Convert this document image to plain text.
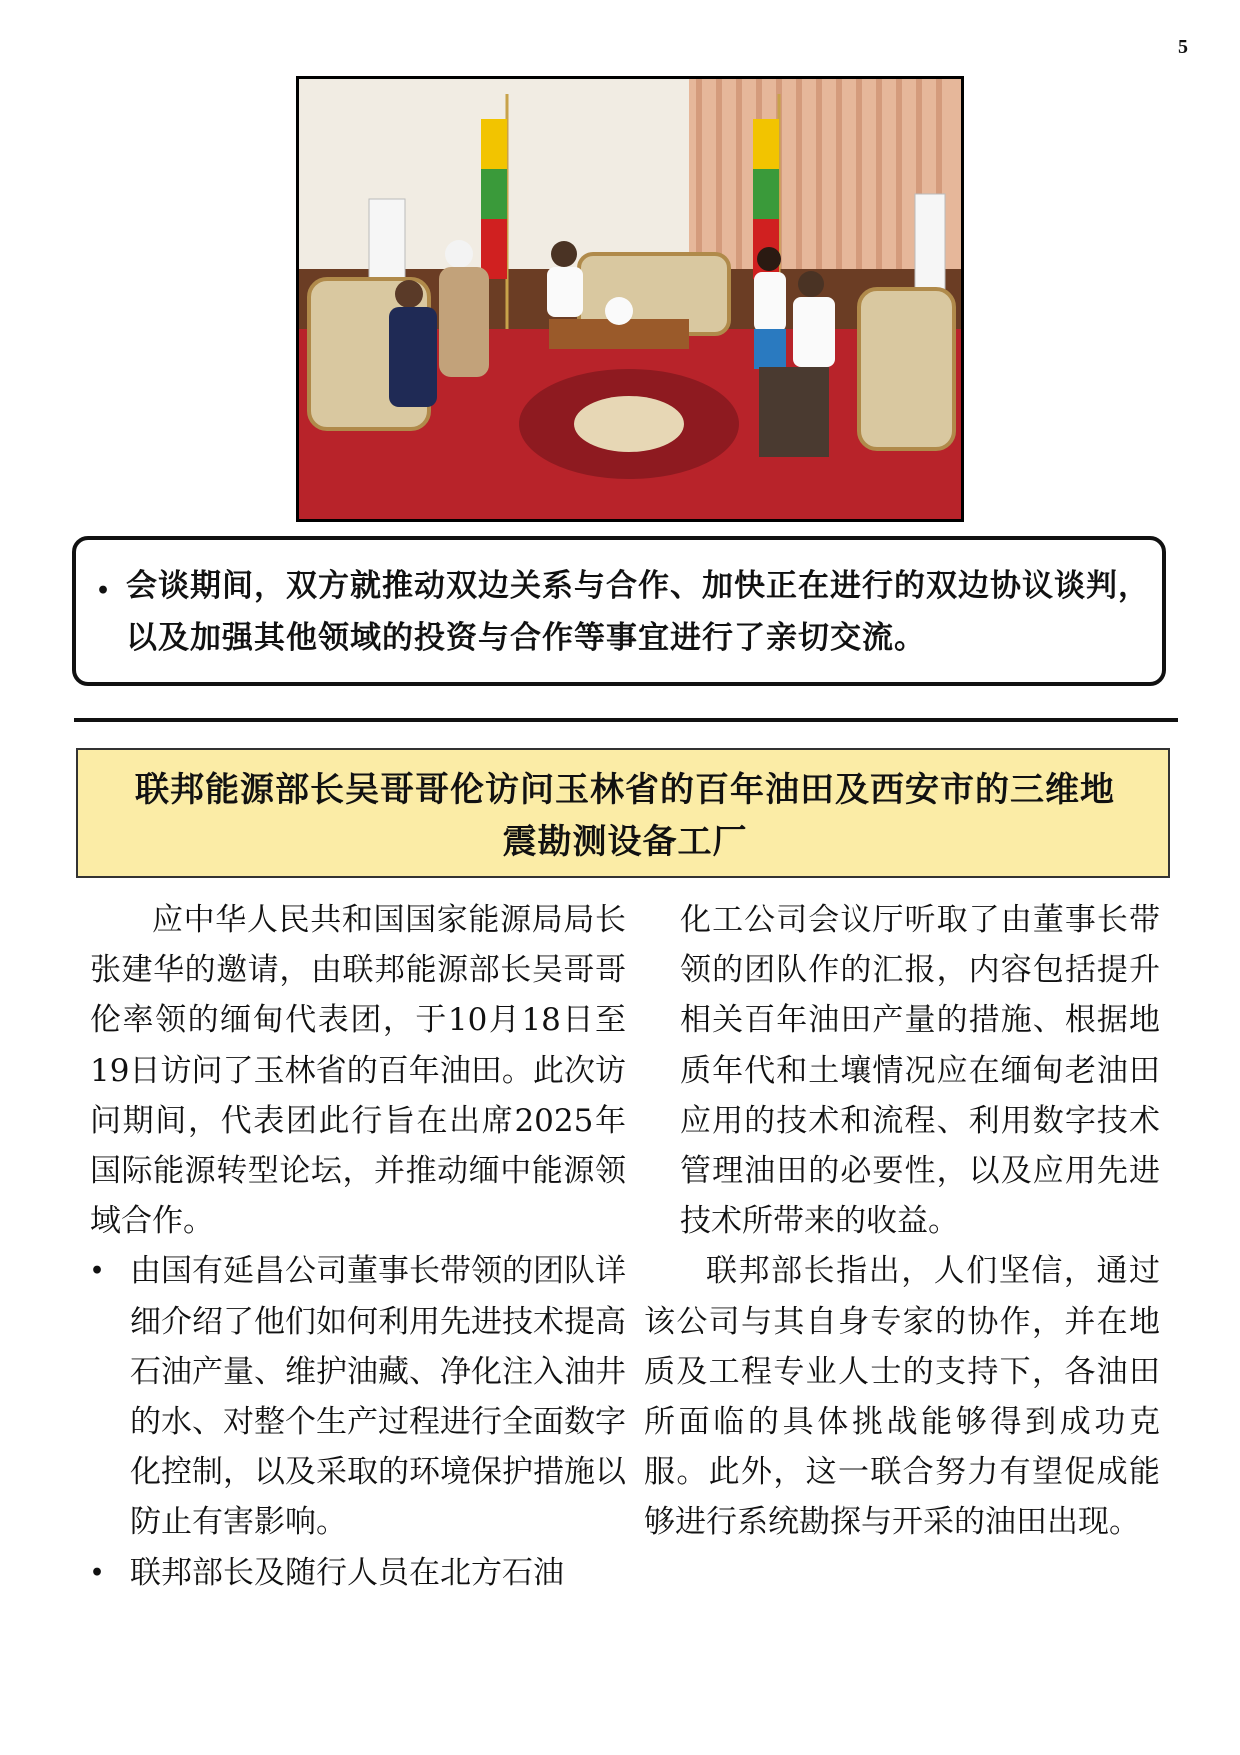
5
• 会谈期间，双方就推动双边关系与合作、加快正在进行的双边协议谈判，以及加强其他领域的投资与合作等事宜进行了亲切交流。
联邦能源部长吴哥哥伦访问玉林省的百年油田及西安市的三维地
震勘测设备工厂

应中华人民共和国国家能源局局长张建华的邀请，由联邦能源部长吴哥哥伦率领的缅甸代表团，于10月18日至19日访问了玉林省的百年油田。此次访问期间，代表团此行旨在出席2025年国际能源转型论坛，并推动缅中能源领域合作。

• 由国有延昌公司董事长带领的团队详细介绍了他们如何利用先进技术提高石油产量、维护油藏、净化注入油井的水、对整个生产过程进行全面数字化控制，以及采取的环境保护措施以防止有害影响。
• 联邦部长及随行人员在北方石油

化工公司会议厅听取了由董事长带领的团队作的汇报，内容包括提升相关百年油田产量的措施、根据地质年代和土壤情况应在缅甸老油田应用的技术和流程、利用数字技术管理油田的必要性，以及应用先进技术所带来的收益。

联邦部长指出，人们坚信，通过该公司与其自身专家的协作，并在地质及工程专业人士的支持下，各油田所面临的具体挑战能够得到成功克服。此外，这一联合努力有望促成能够进行系统勘探与开采的油田出现。
